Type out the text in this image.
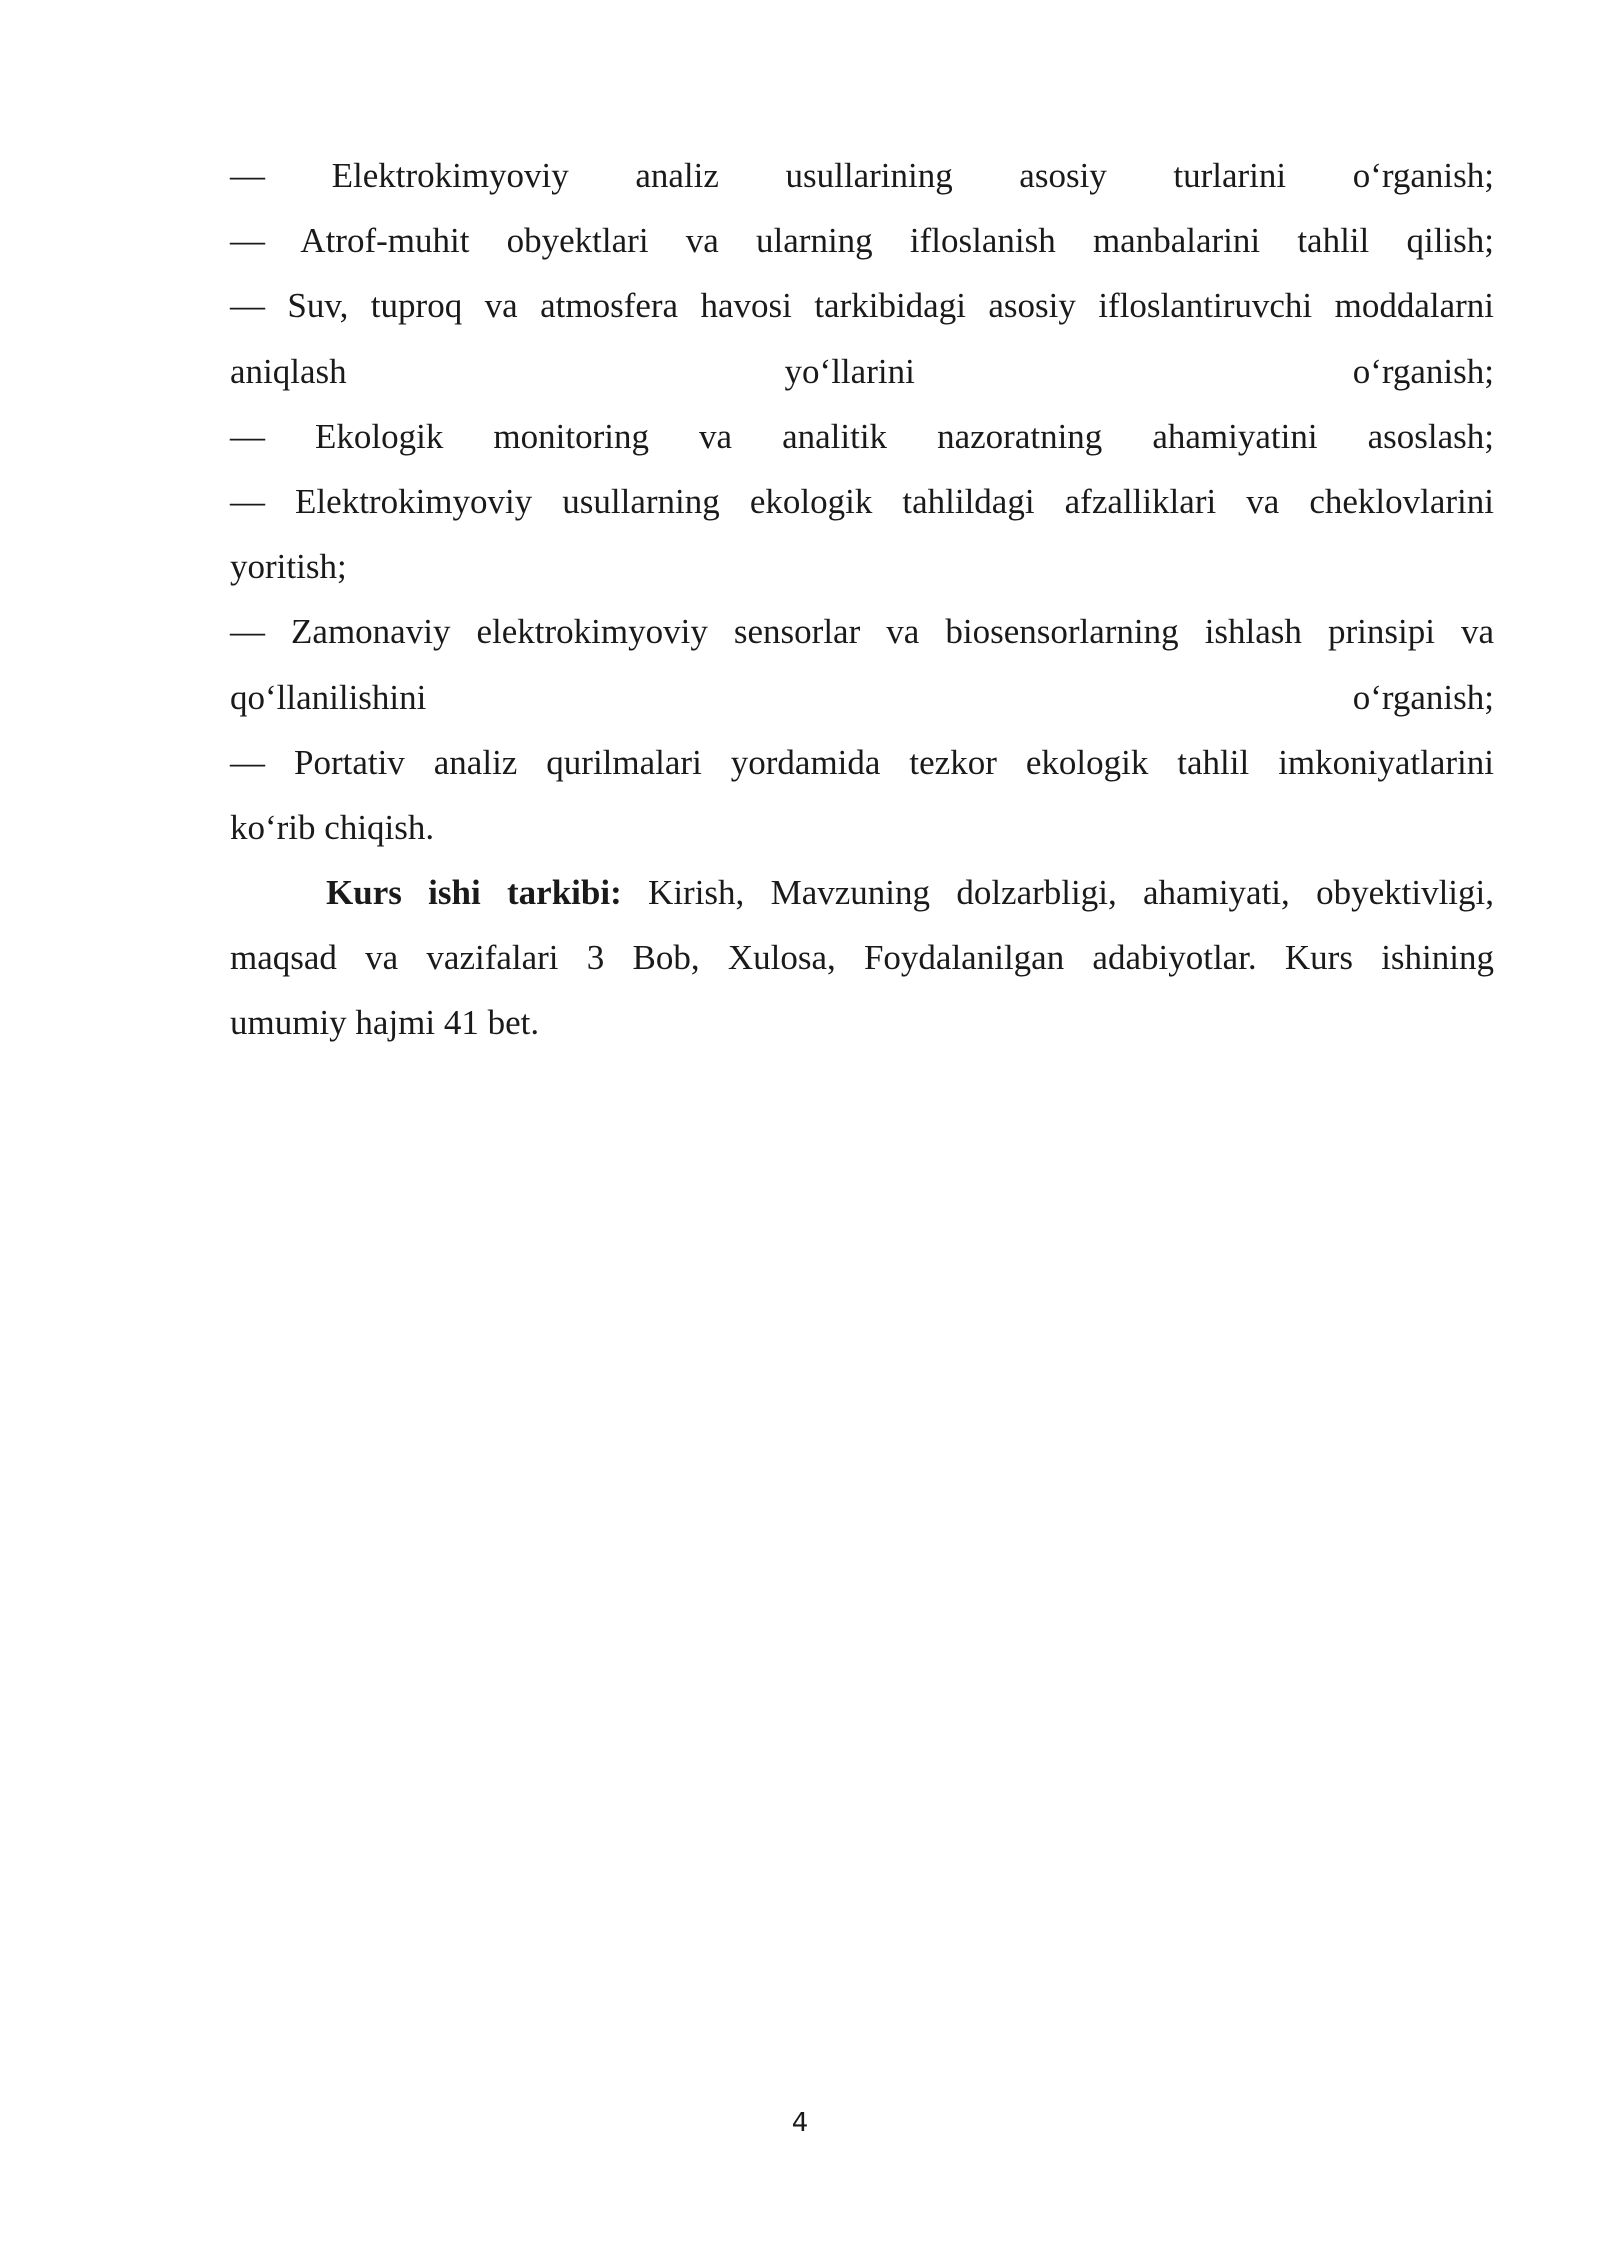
— Elektrokimyoviy analiz usullarining asosiy turlarini o‘rganish;
— Atrof-muhit obyektlari va ularning ifloslanish manbalarini tahlil qilish;
— Suv, tuproq va atmosfera havosi tarkibidagi asosiy ifloslantiruvchi moddalarni
aniqlash yo‘llarini o‘rganish;
— Ekologik monitoring va analitik nazoratning ahamiyatini asoslash;
— Elektrokimyoviy usullarning ekologik tahlildagi afzalliklari va cheklovlarini
yoritish;
— Zamonaviy elektrokimyoviy sensorlar va biosensorlarning ishlash prinsipi va
qo‘llanilishini o‘rganish;
— Portativ analiz qurilmalari yordamida tezkor ekologik tahlil imkoniyatlarini
ko‘rib chiqish.
Kurs ishi tarkibi: Kirish, Mavzuning dolzarbligi, ahamiyati, obyektivligi,
maqsad va vazifalari 3 Bob, Xulosa, Foydalanilgan adabiyotlar. Kurs ishining
umumiy hajmi 41 bet.
4
